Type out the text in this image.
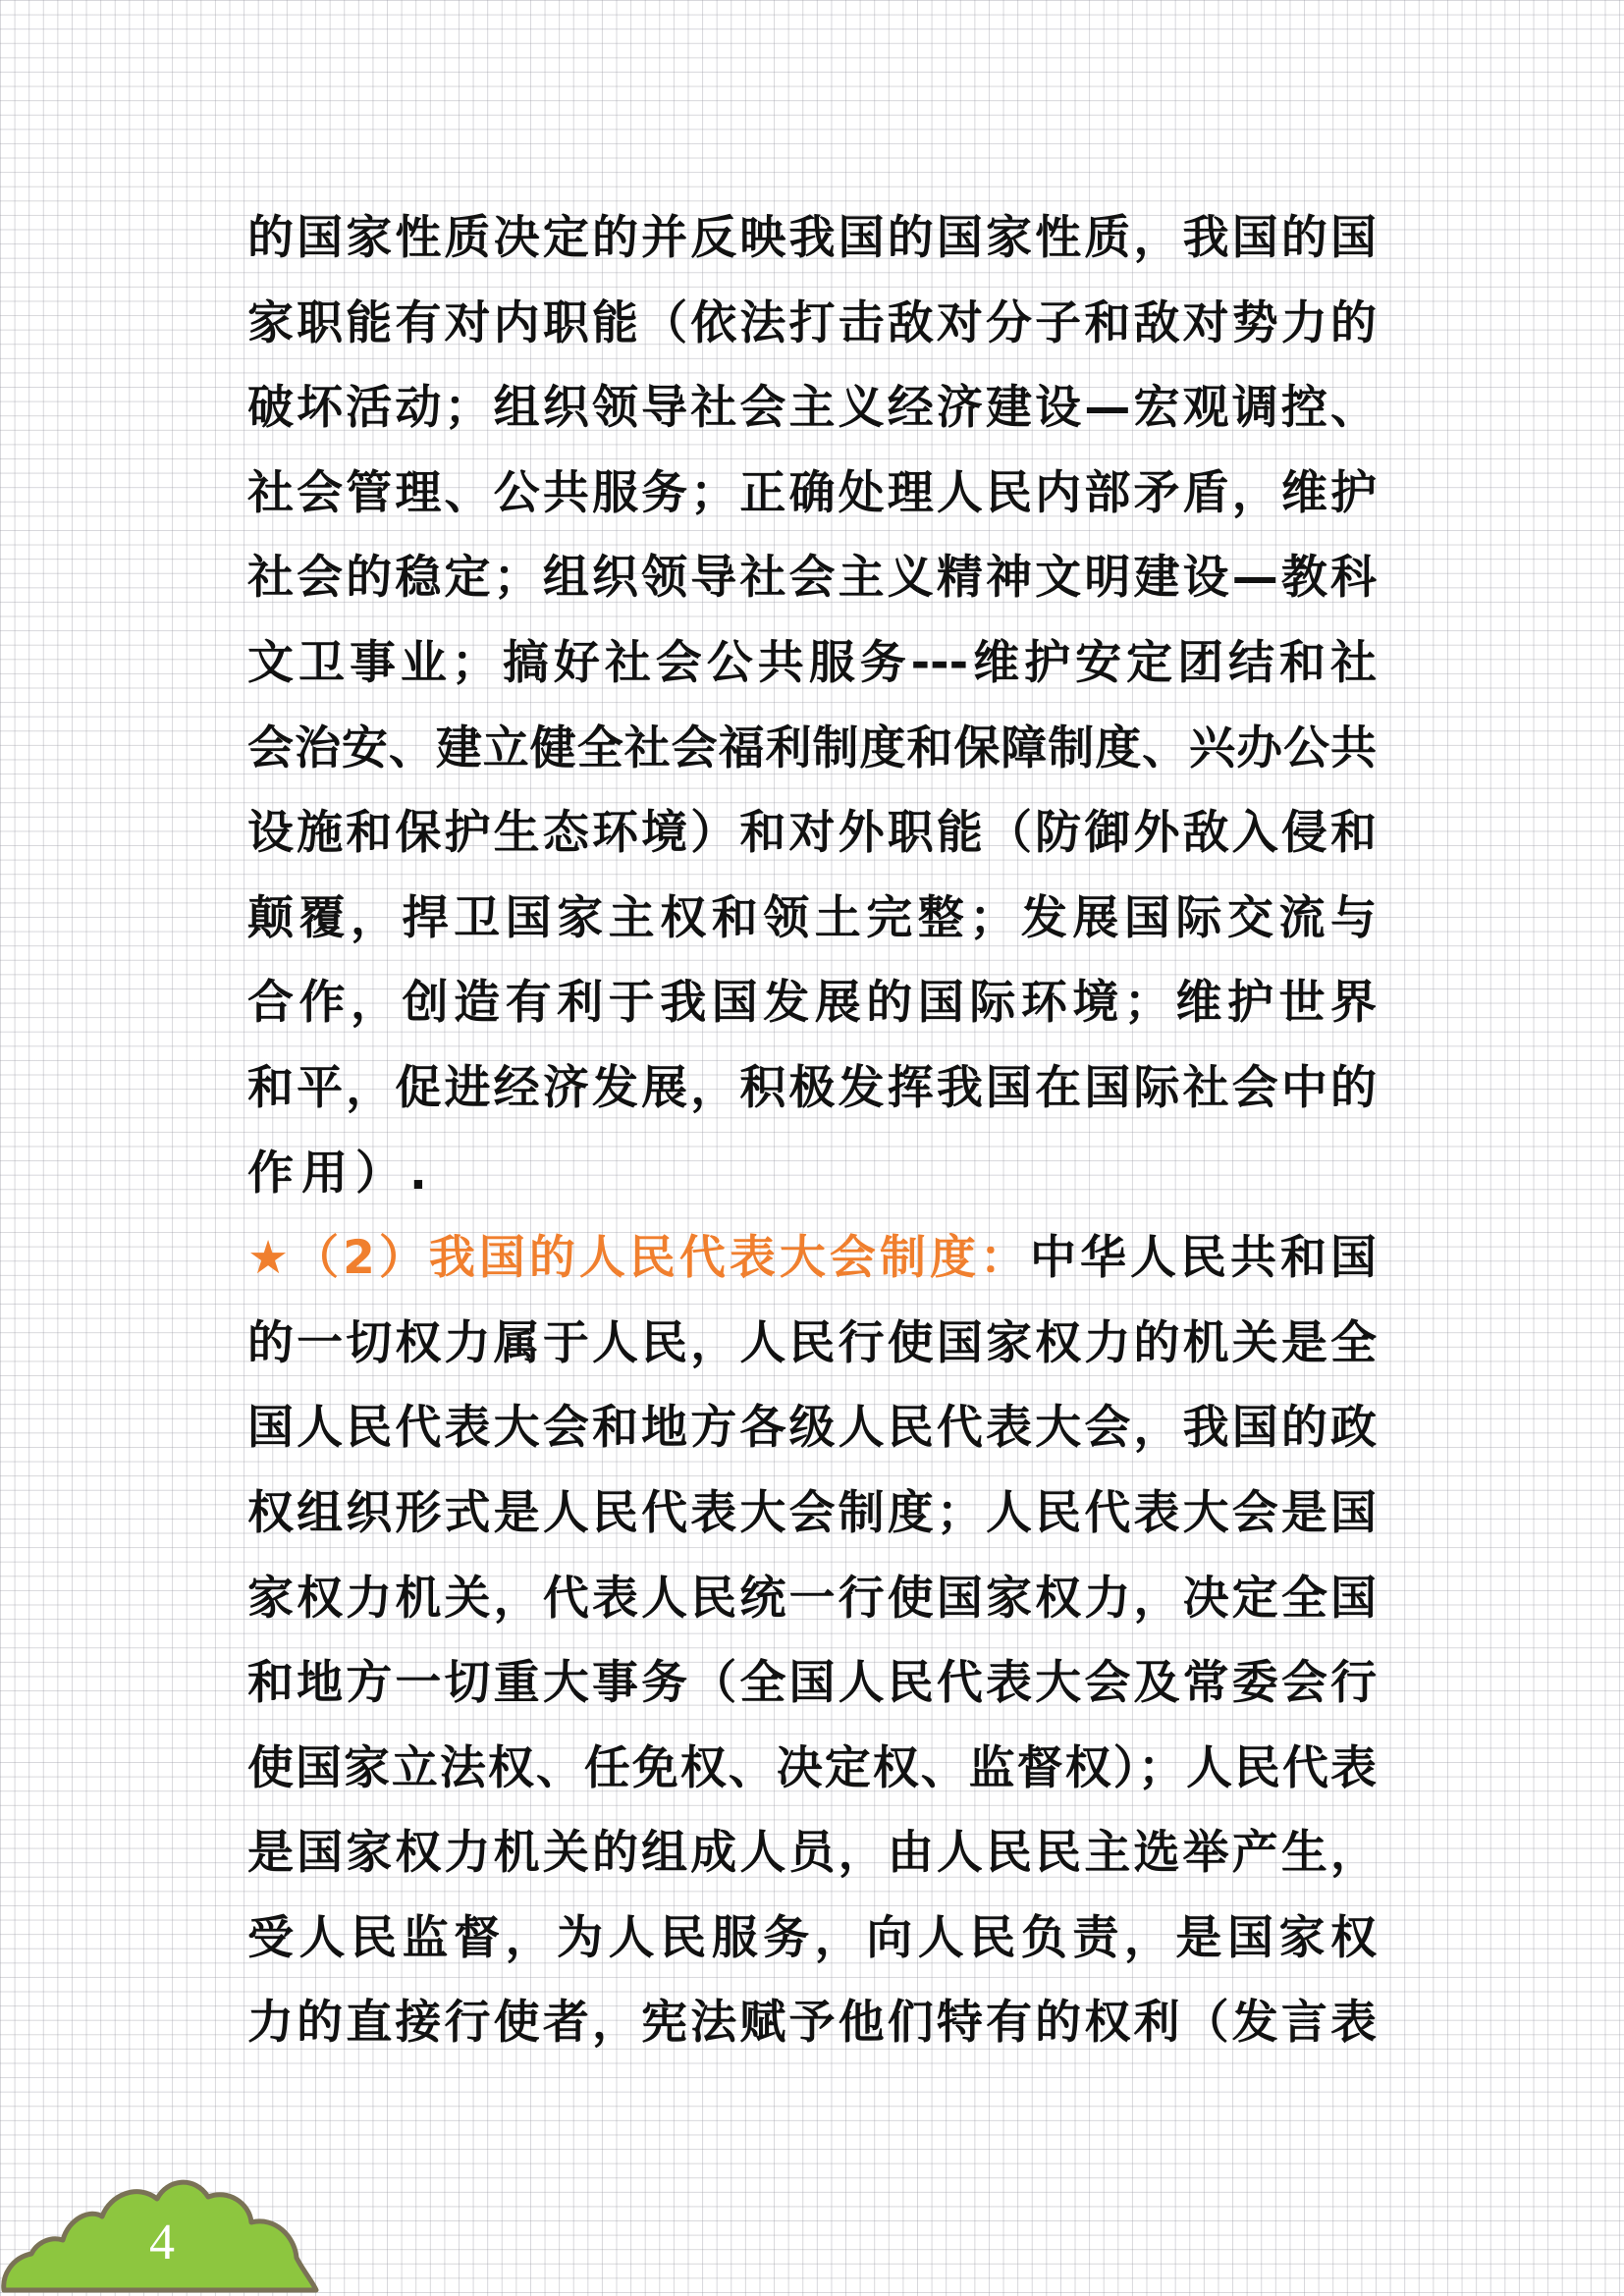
的国家性质决定的并反映我国的国家性质，我国的国
家职能有对内职能（依法打击敌对分子和敌对势力的
破坏活动；组织领导社会主义经济建设—宏观调控、
社会管理、公共服务；正确处理人民内部矛盾，维护
社会的稳定；组织领导社会主义精神文明建设—教科
文卫事业；搞好社会公共服务---维护安定团结和社
会治安、建立健全社会福利制度和保障制度、兴办公共
设施和保护生态环境）和对外职能（防御外敌入侵和
颠覆，捍卫国家主权和领土完整；发展国际交流与
合作，创造有利于我国发展的国际环境；维护世界
和平，促进经济发展，积极发挥我国在国际社会中的
作用）.
★（2）我国的人民代表大会制度：中华人民共和国
的一切权力属于人民，人民行使国家权力的机关是全
国人民代表大会和地方各级人民代表大会，我国的政
权组织形式是人民代表大会制度；人民代表大会是国
家权力机关，代表人民统一行使国家权力，决定全国
和地方一切重大事务（全国人民代表大会及常委会行
使国家立法权、任免权、决定权、监督权）；人民代表
是国家权力机关的组成人员，由人民民主选举产生，
受人民监督，为人民服务，向人民负责，是国家权
力的直接行使者，宪法赋予他们特有的权利（发言表
4
